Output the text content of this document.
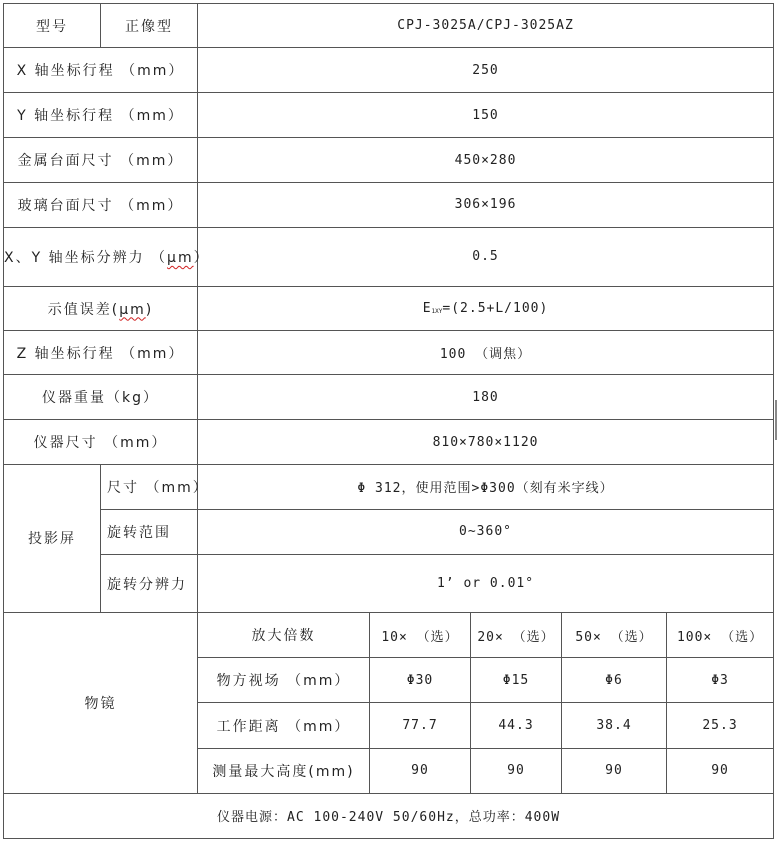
型号	正像型	CPJ-3025A/CPJ-3025AZ				
X 轴坐标行程 （mm）		250				
Y 轴坐标行程 （mm）		150				
金属台面尺寸 （mm）		450×280				
玻璃台面尺寸 （mm）		306×196				
X、Y 轴坐标分辨力 （μm）		0.5				
示值误差(μm)		E1XY=(2.5+L/100)				
Z 轴坐标行程 （mm）		100 （调焦）				
仪器重量（kg）		180				
仪器尺寸 （mm）		810×780×1120				
投影屏	尺寸 （mm）	Φ 312，使用范围>Φ300（刻有米字线）				
	旋转范围	0~360°				
	旋转分辨力	1’ or 0.01°				
物镜		放大倍数	10× （选）	20× （选）	50× （选）	100× （选）
		物方视场 （mm）	Φ30	Φ15	Φ6	Φ3
		工作距离 （mm）	77.7	44.3	38.4	25.3
		测量最大高度(mm)	90	90	90	90
仪器电源：AC 100-240V 50/60Hz，总功率：400W						
